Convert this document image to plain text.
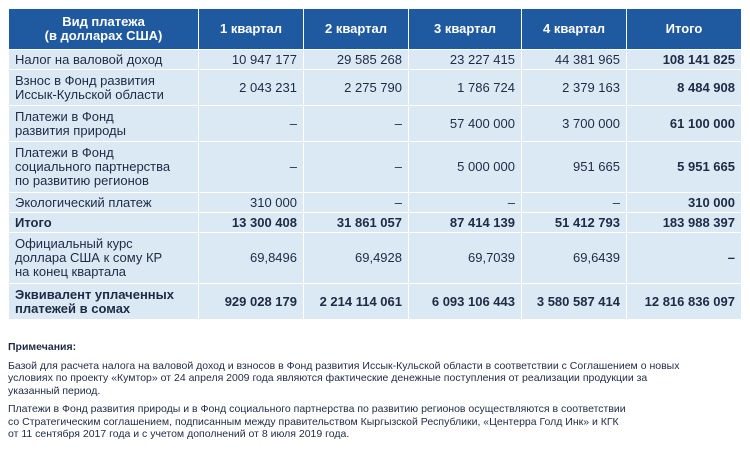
Вид платежа
(в долларах США)	1 квартал	2 квартал	3 квартал	4 квартал	Итого

Налог на валовой доход	10 947 177	29 585 268	23 227 415	44 381 965	108 141 825

Взнос в Фонд развития
Иссык-Кульской области	2 043 231	2 275 790	1 786 724	2 379 163	8 484 908

Платежи в Фонд
развития природы	–	–	57 400 000	3 700 000	61 100 000

Платежи в Фонд
социального партнерства
по развитию регионов	–	–	5 000 000	951 665	5 951 665

Экологический платеж	310 000	–	–	–	310 000

Итого	13 300 408	31 861 057	87 414 139	51 412 793	183 988 397

Официальный курс
доллара США к сому КР
на конец квартала	69,8496	69,4928	69,7039	69,6439	–

Эквивалент уплаченных
платежей в сомах	929 028 179	2 214 114 061	6 093 106 443	3 580 587 414	12 816 836 097
Примечания:

Базой для расчета налога на валовой доход и взносов в Фонд развития Иссык-Кульской области в соответствии с Соглашением о новых
условиях по проекту «Кумтор» от 24 апреля 2009 года являются фактические денежные поступления от реализации продукции за
указанный период.

Платежи в Фонд развития природы и в Фонд социального партнерства по развитию регионов осуществляются в соответствии
со Стратегическим соглашением, подписанным между правительством Кыргызской Республики, «Центерра Голд Инк» и КГК
от 11 сентября 2017 года и с учетом дополнений от 8 июля 2019 года.
